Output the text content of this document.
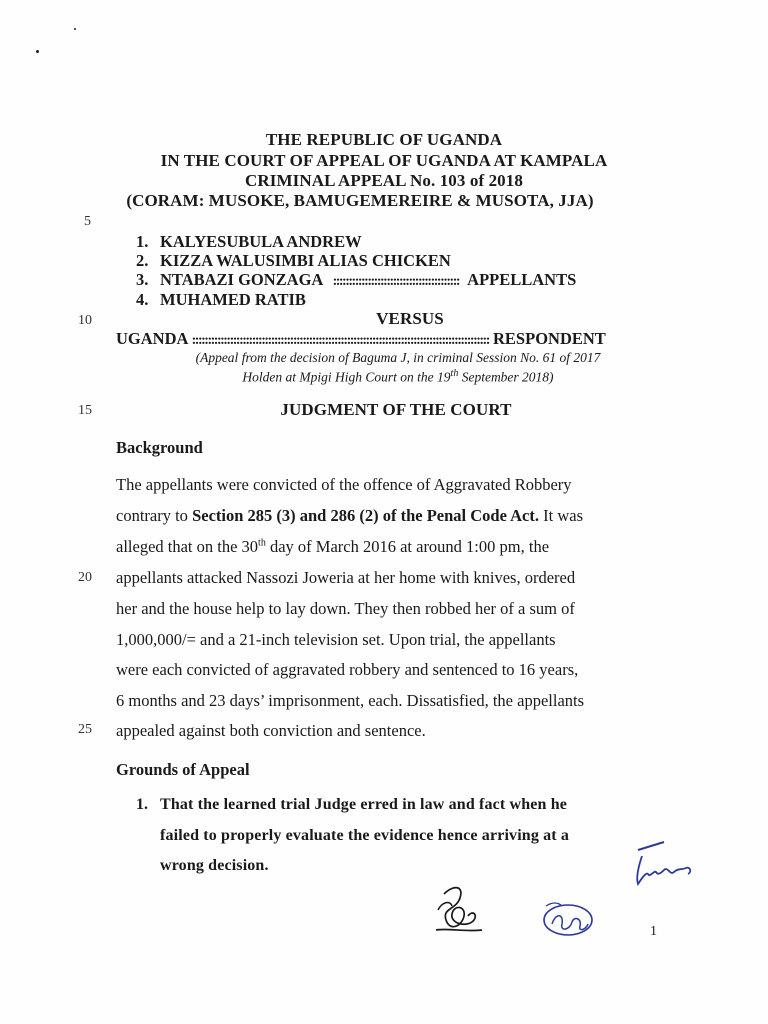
THE REPUBLIC OF UGANDA
IN THE COURT OF APPEAL OF UGANDA AT KAMPALA
CRIMINAL APPEAL No. 103 of 2018
(CORAM: MUSOKE, BAMUGEMEREIRE & MUSOTA, JJA)
5
10
15
20
25
1. KALYESUBULA ANDREW
2. KIZZA WALUSIMBI ALIAS CHICKEN
3. NTABAZI GONZAGA :::::::::::::::::::::::::::::::::::::::: APPELLANTS
4. MUHAMED RATIB
VERSUS
UGANDA :::::::::::::::::::::::::::::::::::::::::::::::::::::::::::::::::::::::::::::::::::::::::::::: RESPONDENT
(Appeal from the decision of Baguma J, in criminal Session No. 61 of 2017
Holden at Mpigi High Court on the 19th September 2018)
JUDGMENT OF THE COURT
Background
The appellants were convicted of the offence of Aggravated Robbery
contrary to Section 285 (3) and 286 (2) of the Penal Code Act. It was
alleged that on the 30th day of March 2016 at around 1:00 pm, the
appellants attacked Nassozi Joweria at her home with knives, ordered
her and the house help to lay down. They then robbed her of a sum of
1,000,000/= and a 21-inch television set. Upon trial, the appellants
were each convicted of aggravated robbery and sentenced to 16 years,
6 months and 23 days’ imprisonment, each. Dissatisfied, the appellants
appealed against both conviction and sentence.
Grounds of Appeal
1. That the learned trial Judge erred in law and fact when he
failed to properly evaluate the evidence hence arriving at a
wrong decision.
1
